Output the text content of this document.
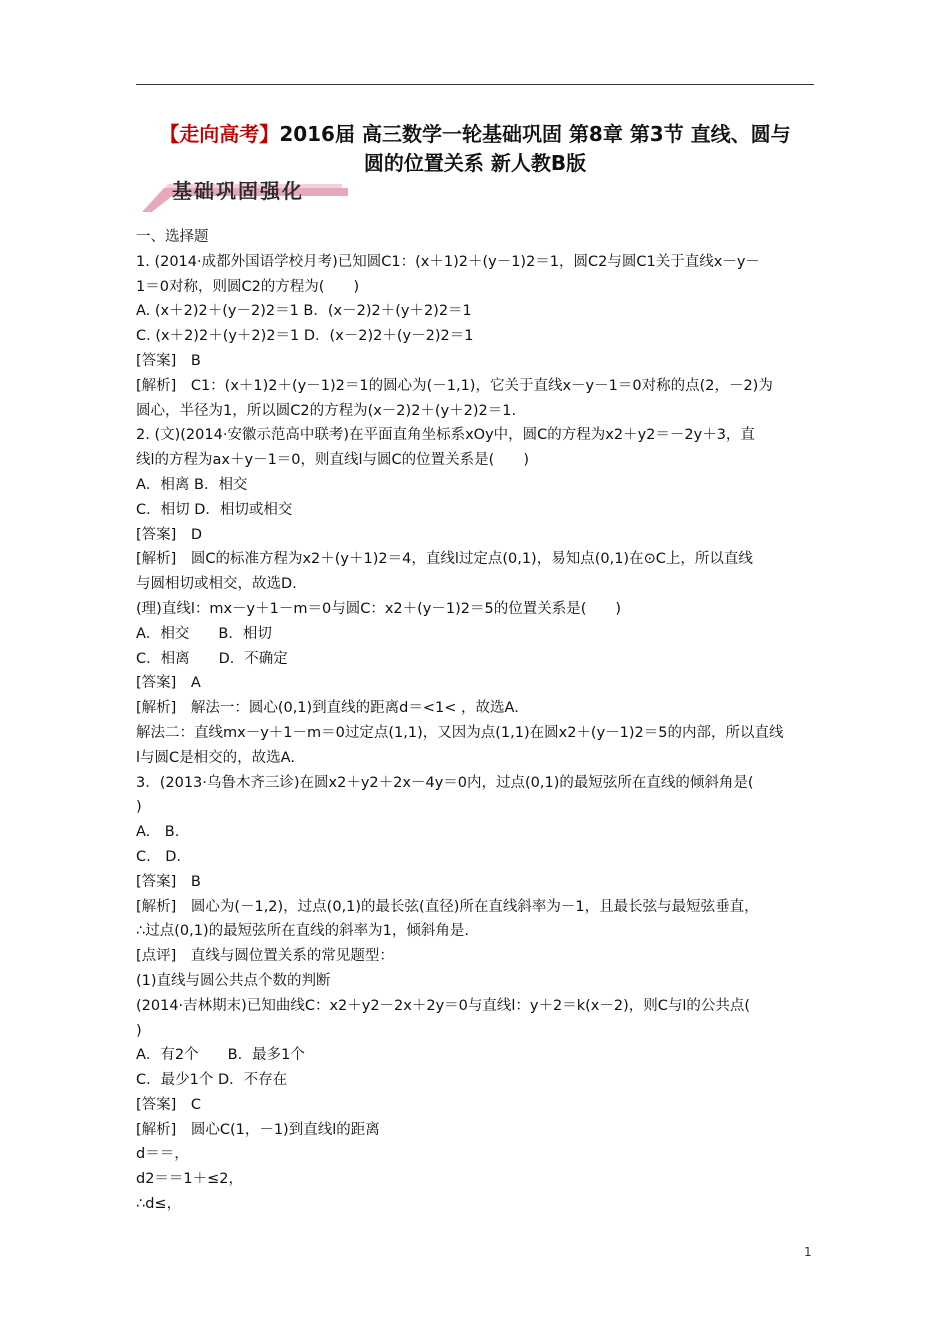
【走向高考】2016届 高三数学一轮基础巩固 第8章 第3节 直线、圆与
圆的位置关系 新人教B版
基础巩固强化

一、选择题

1. (2014·成都外国语学校月考)已知圆C1：(x＋1)2＋(y－1)2＝1，圆C2与圆C1关于直线x－y－

1＝0对称，则圆C2的方程为(　　)

A. (x＋2)2＋(y－2)2＝1 B．(x－2)2＋(y＋2)2＝1

C. (x＋2)2＋(y＋2)2＝1 D．(x－2)2＋(y－2)2＝1

[答案]　B

[解析]　C1：(x＋1)2＋(y－1)2＝1的圆心为(－1,1)，它关于直线x－y－1＝0对称的点(2，－2)为

圆心，半径为1，所以圆C2的方程为(x－2)2＋(y＋2)2＝1.

2. (文)(2014·安徽示范高中联考)在平面直角坐标系xOy中，圆C的方程为x2＋y2＝－2y＋3，直

线l的方程为ax＋y－1＝0，则直线l与圆C的位置关系是(　　)

A．相离 B．相交

C．相切 D．相切或相交

[答案]　D

[解析]　圆C的标准方程为x2＋(y＋1)2＝4，直线l过定点(0,1)，易知点(0,1)在⊙C上，所以直线

与圆相切或相交，故选D.

(理)直线l：mx－y＋1－m＝0与圆C：x2＋(y－1)2＝5的位置关系是(　　)

A．相交　　B．相切

C．相离　　D．不确定

[答案]　A

[解析]　解法一：圆心(0,1)到直线的距离d＝<1< ，故选A.

解法二：直线mx－y＋1－m＝0过定点(1,1)，又因为点(1,1)在圆x2＋(y－1)2＝5的内部，所以直线

l与圆C是相交的，故选A.

3．(2013·乌鲁木齐三诊)在圆x2＋y2＋2x－4y＝0内，过点(0,1)的最短弦所在直线的倾斜角是(

)

A.　B.

C.　D.

[答案]　B

[解析]　圆心为(－1,2)，过点(0,1)的最长弦(直径)所在直线斜率为－1，且最长弦与最短弦垂直，

∴过点(0,1)的最短弦所在直线的斜率为1，倾斜角是.

[点评]　直线与圆位置关系的常见题型：

(1)直线与圆公共点个数的判断

(2014·吉林期末)已知曲线C：x2＋y2－2x＋2y＝0与直线l：y＋2＝k(x－2)，则C与l的公共点(

)

A．有2个　　B．最多1个

C．最少1个 D．不存在

[答案]　C

[解析]　圆心C(1，－1)到直线l的距离

d＝＝，

d2＝＝1＋≤2，

∴d≤，

1
